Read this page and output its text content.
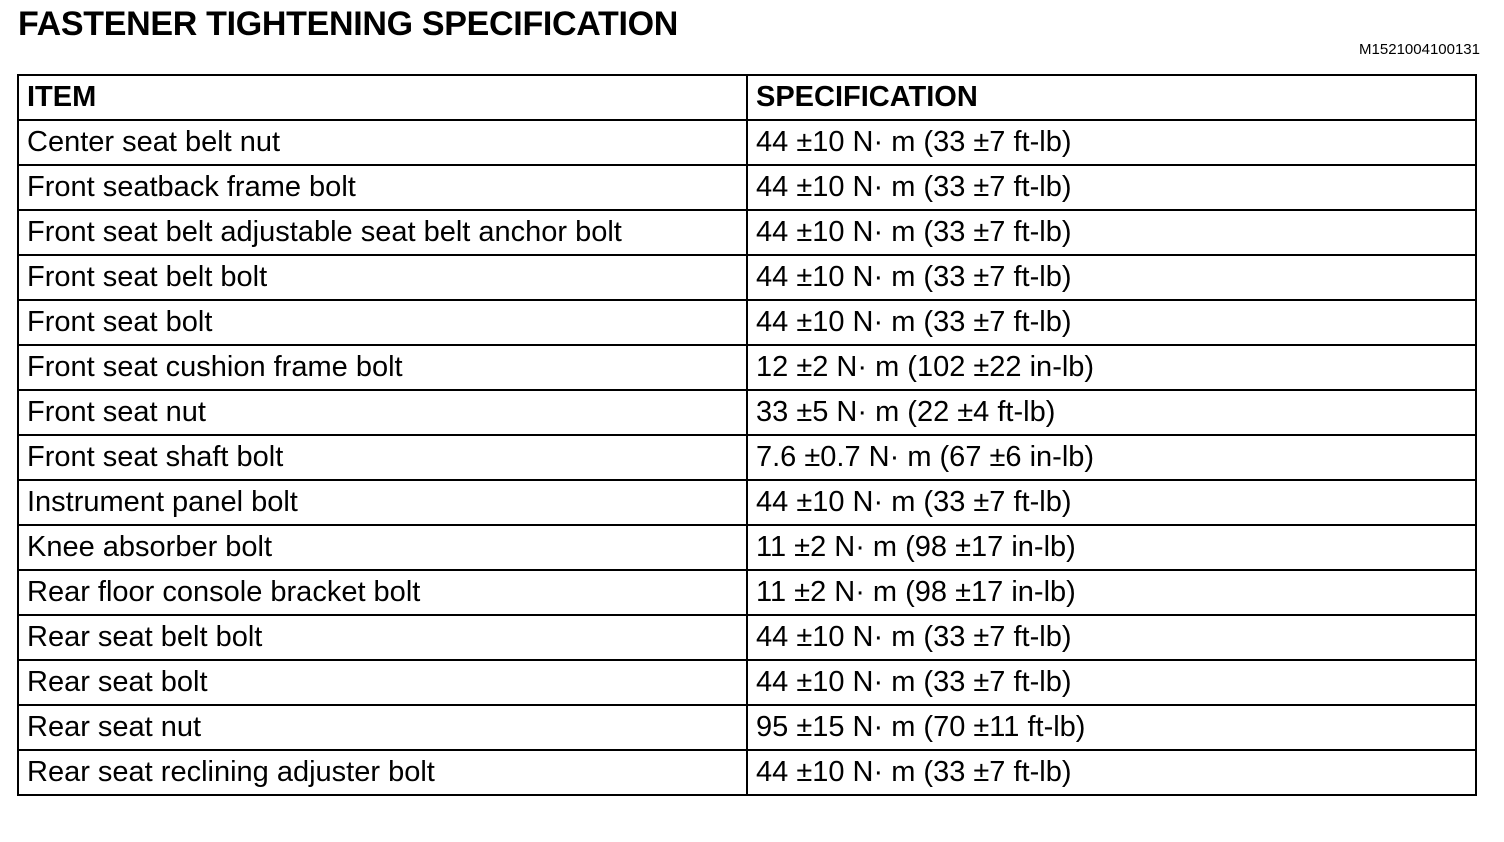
FASTENER TIGHTENING SPECIFICATION
M1521004100131
ITEM	SPECIFICATION
Center seat belt nut	44 ±10 N· m (33 ±7 ft-lb)
Front seatback frame bolt	44 ±10 N· m (33 ±7 ft-lb)
Front seat belt adjustable seat belt anchor bolt	44 ±10 N· m (33 ±7 ft-lb)
Front seat belt bolt	44 ±10 N· m (33 ±7 ft-lb)
Front seat bolt	44 ±10 N· m (33 ±7 ft-lb)
Front seat cushion frame bolt	12 ±2 N· m (102 ±22 in-lb)
Front seat nut	33 ±5 N· m (22 ±4 ft-lb)
Front seat shaft bolt	7.6 ±0.7 N· m (67 ±6 in-lb)
Instrument panel bolt	44 ±10 N· m (33 ±7 ft-lb)
Knee absorber bolt	11 ±2 N· m (98 ±17 in-lb)
Rear floor console bracket bolt	11 ±2 N· m (98 ±17 in-lb)
Rear seat belt bolt	44 ±10 N· m (33 ±7 ft-lb)
Rear seat bolt	44 ±10 N· m (33 ±7 ft-lb)
Rear seat nut	95 ±15 N· m (70 ±11 ft-lb)
Rear seat reclining adjuster bolt	44 ±10 N· m (33 ±7 ft-lb)
